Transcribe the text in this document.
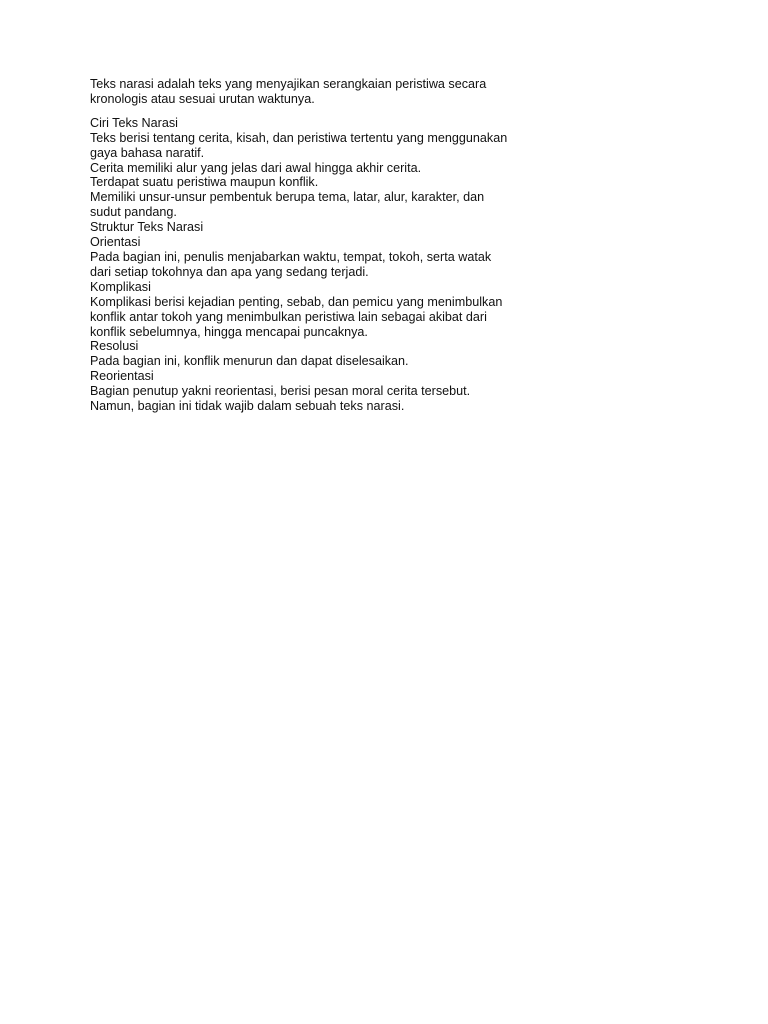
Teks narasi adalah teks yang menyajikan serangkaian peristiwa secara
kronologis atau sesuai urutan waktunya.

Ciri Teks Narasi
Teks berisi tentang cerita, kisah, dan peristiwa tertentu yang menggunakan
gaya bahasa naratif.
Cerita memiliki alur yang jelas dari awal hingga akhir cerita.
Terdapat suatu peristiwa maupun konflik.
Memiliki unsur-unsur pembentuk berupa tema, latar, alur, karakter, dan
sudut pandang.
Struktur Teks Narasi
Orientasi
Pada bagian ini, penulis menjabarkan waktu, tempat, tokoh, serta watak
dari setiap tokohnya dan apa yang sedang terjadi.
Komplikasi
Komplikasi berisi kejadian penting, sebab, dan pemicu yang menimbulkan
konflik antar tokoh yang menimbulkan peristiwa lain sebagai akibat dari
konflik sebelumnya, hingga mencapai puncaknya.
Resolusi
Pada bagian ini, konflik menurun dan dapat diselesaikan.
Reorientasi
Bagian penutup yakni reorientasi, berisi pesan moral cerita tersebut.
Namun, bagian ini tidak wajib dalam sebuah teks narasi.
